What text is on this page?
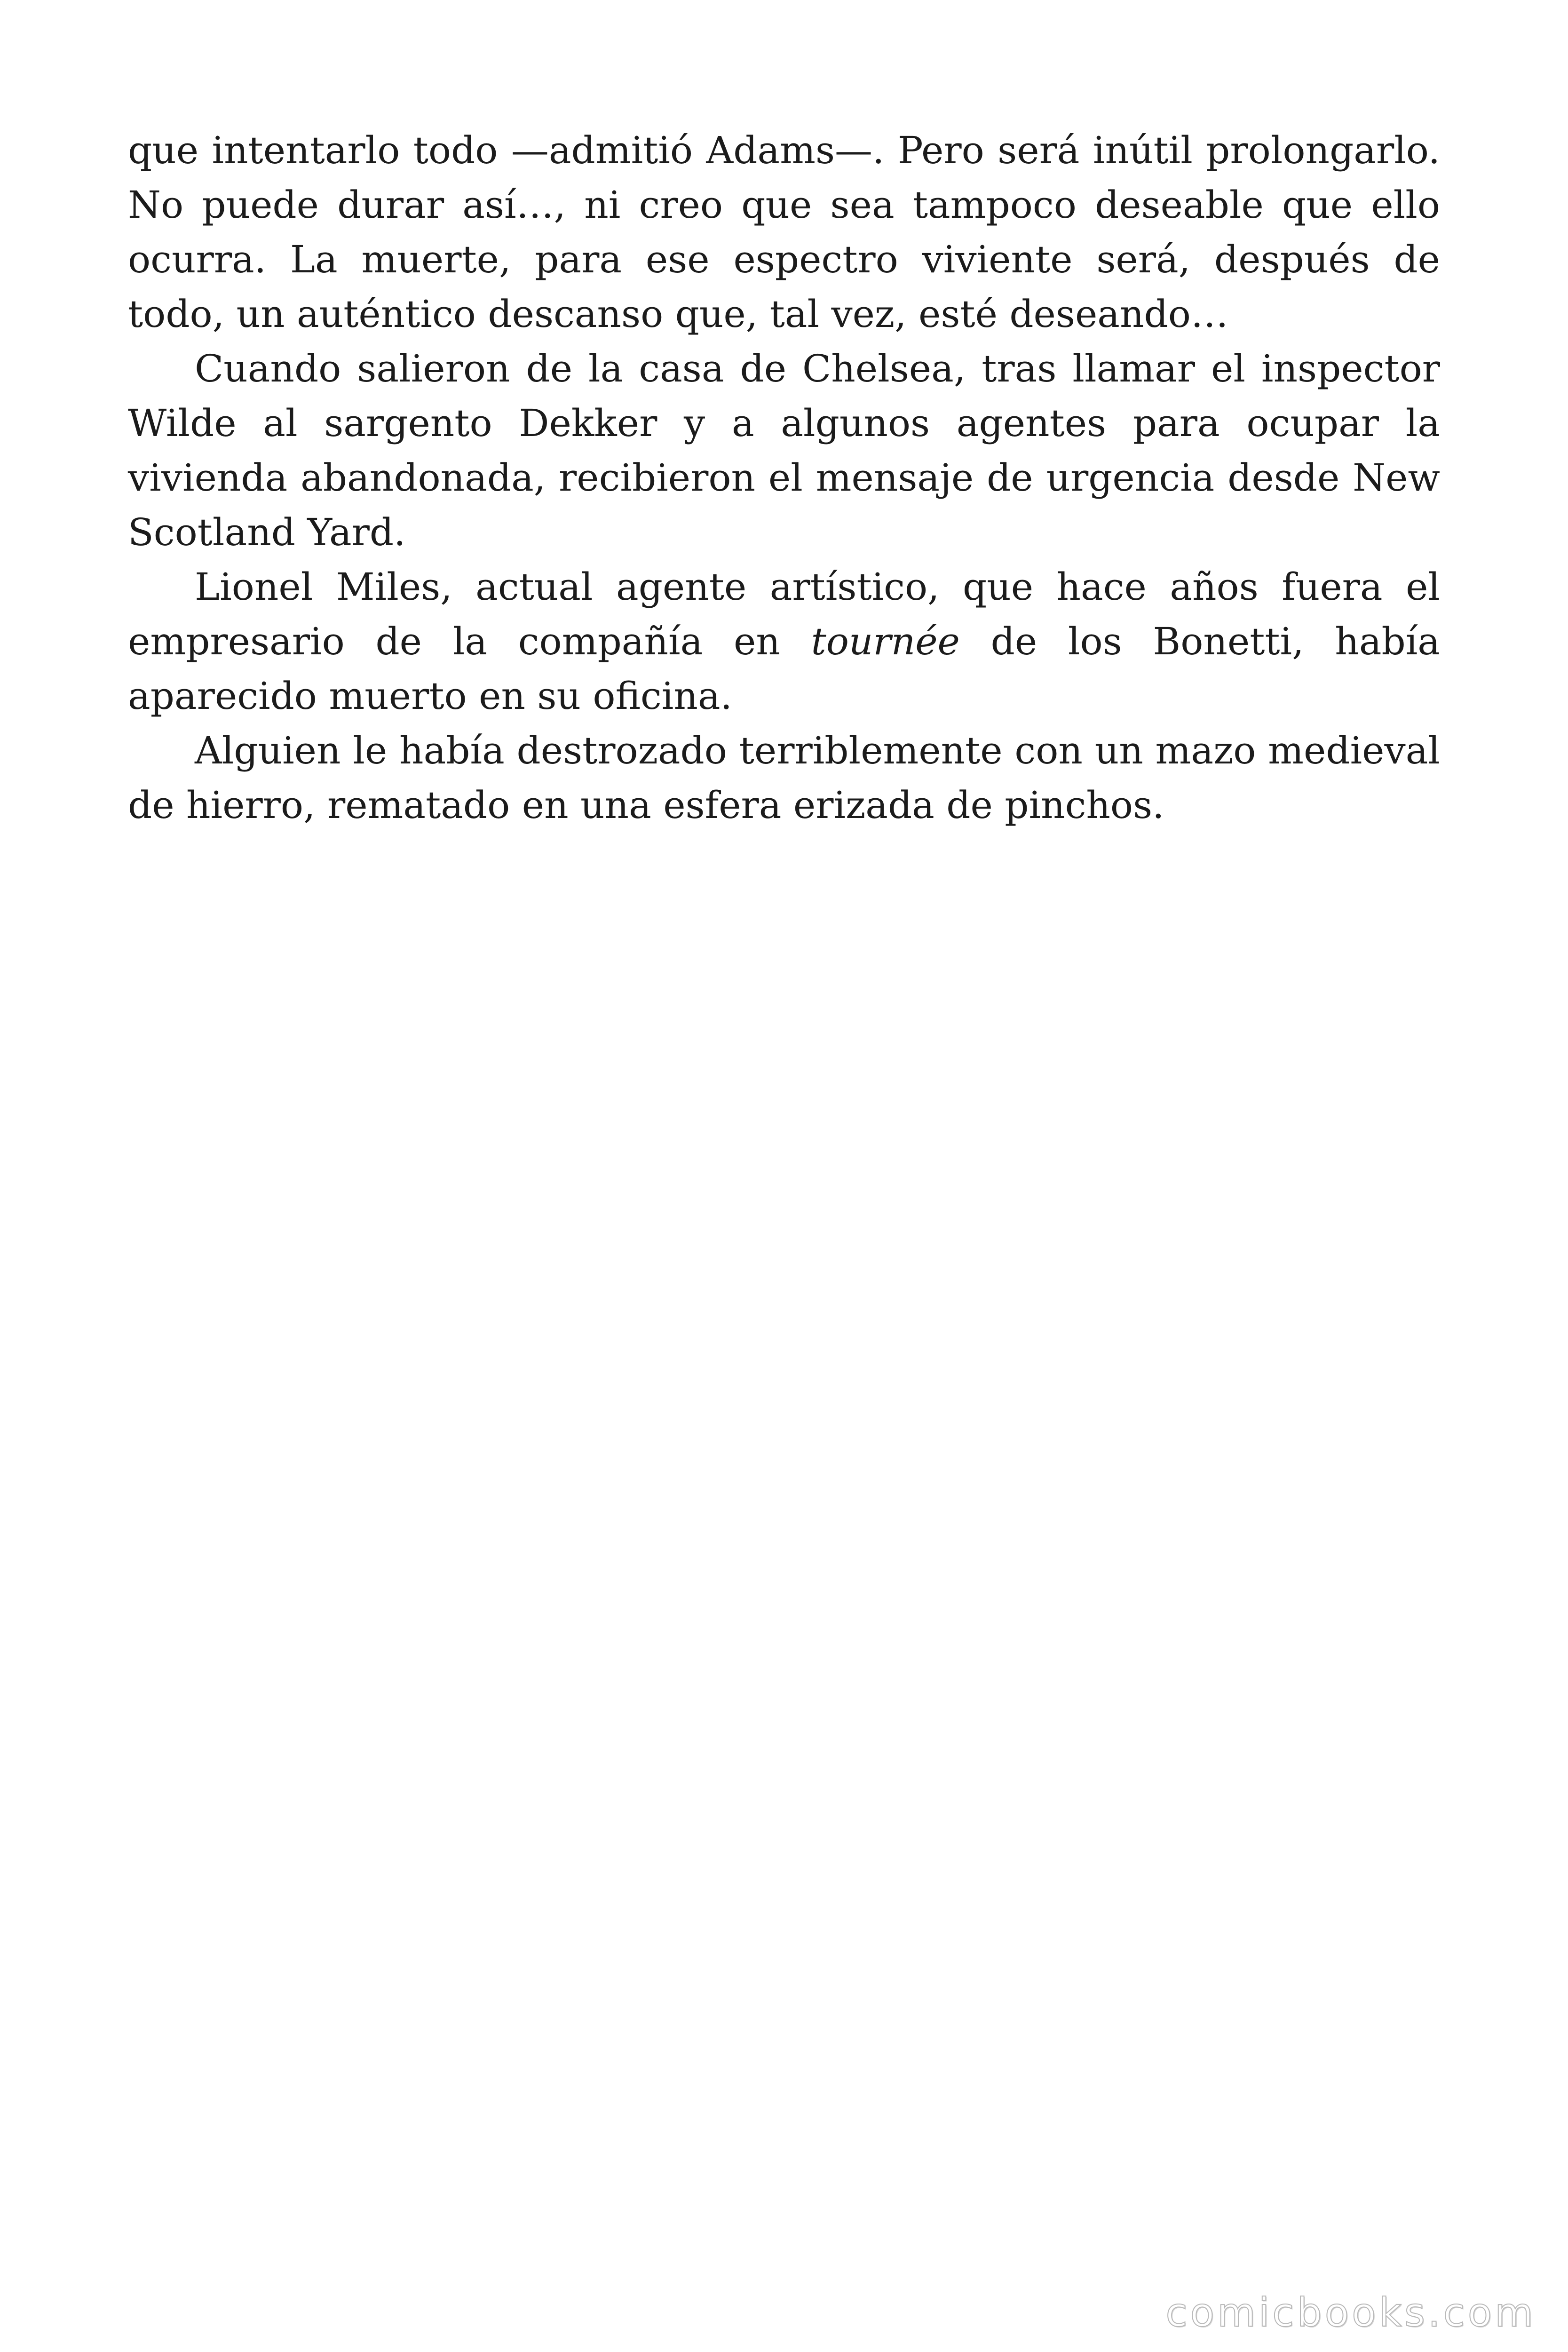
que intentarlo todo —admitió Adams—. Pero será inútil prolongarlo. No puede durar así…, ni creo que sea tampoco deseable que ello ocurra. La muerte, para ese espectro viviente será, después de todo, un auténtico descanso que, tal vez, esté deseando…

Cuando salieron de la casa de Chelsea, tras llamar el inspector Wilde al sargento Dekker y a algunos agentes para ocupar la vivienda abandonada, recibieron el mensaje de urgencia desde New Scotland Yard.

Lionel Miles, actual agente artístico, que hace años fuera el empresario de la compañía en tournée de los Bonetti, había aparecido muerto en su oficina.

Alguien le había destrozado terriblemente con un mazo medieval de hierro, rematado en una esfera erizada de pinchos.

comicbooks.com
